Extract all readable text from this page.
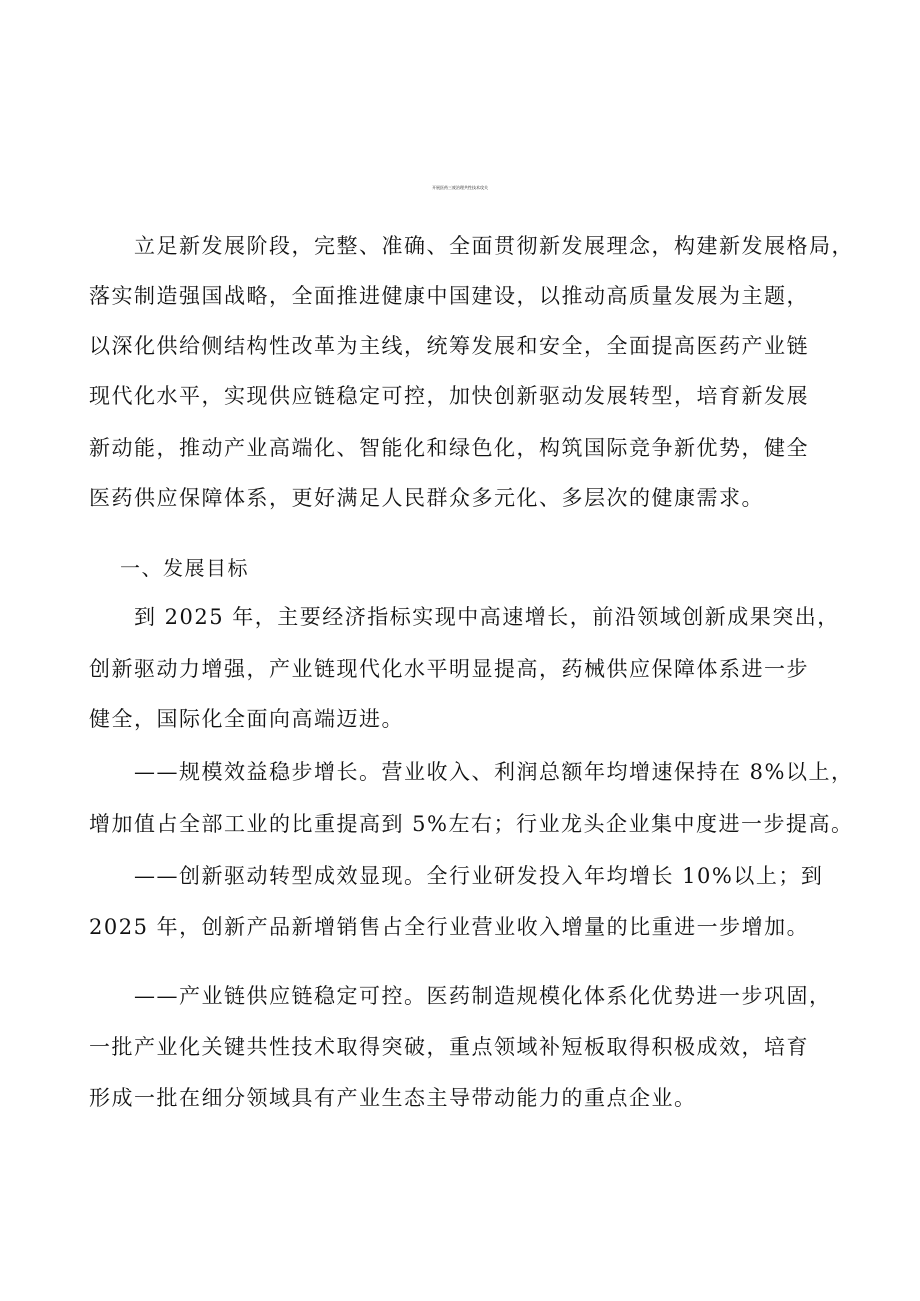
开展医药三废治理共性技术攻关
立足新发展阶段，完整、准确、全面贯彻新发展理念，构建新发展格局，
落实制造强国战略，全面推进健康中国建设，以推动高质量发展为主题，
以深化供给侧结构性改革为主线，统筹发展和安全，全面提高医药产业链
现代化水平，实现供应链稳定可控，加快创新驱动发展转型，培育新发展
新动能，推动产业高端化、智能化和绿色化，构筑国际竞争新优势，健全
医药供应保障体系，更好满足人民群众多元化、多层次的健康需求。
一、发展目标
到 2025 年，主要经济指标实现中高速增长，前沿领域创新成果突出，
创新驱动力增强，产业链现代化水平明显提高，药械供应保障体系进一步
健全，国际化全面向高端迈进。
——规模效益稳步增长。营业收入、利润总额年均增速保持在 8%以上，
增加值占全部工业的比重提高到 5%左右；行业龙头企业集中度进一步提高。
——创新驱动转型成效显现。全行业研发投入年均增长 10%以上；到
2025 年，创新产品新增销售占全行业营业收入增量的比重进一步增加。
——产业链供应链稳定可控。医药制造规模化体系化优势进一步巩固，
一批产业化关键共性技术取得突破，重点领域补短板取得积极成效，培育
形成一批在细分领域具有产业生态主导带动能力的重点企业。
